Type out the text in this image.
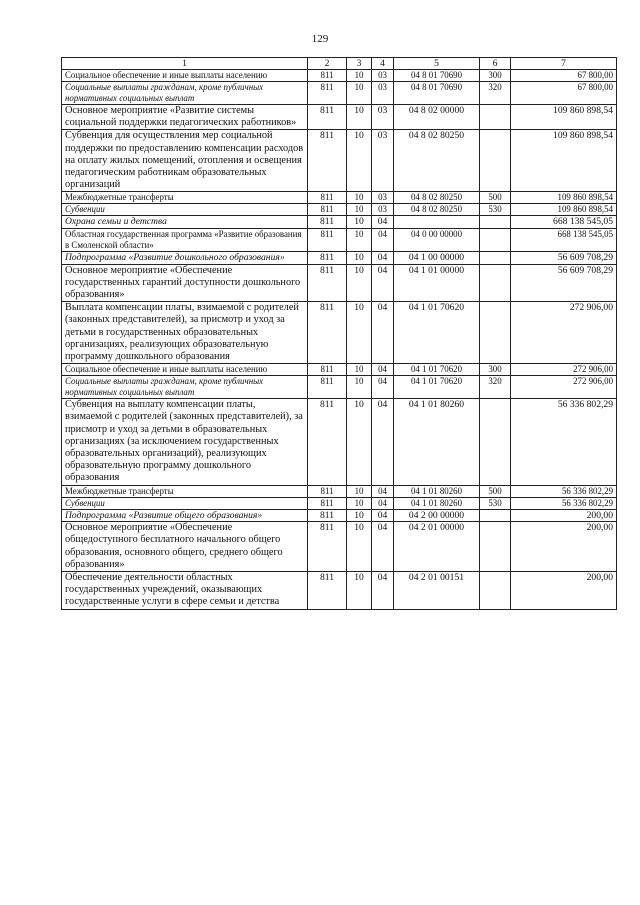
129
1	2	3	4	5	6	7
Социальное обеспечение и иные выплаты населению	811	10	03	04 8 01 70690	300	67 800,00
Социальные выплаты гражданам, кроме публичных нормативных социальных выплат	811	10	03	04 8 01 70690	320	67 800,00
Основное мероприятие «Развитие системы социальной поддержки педагогических работников»	811	10	03	04 8 02 00000		109 860 898,54
Субвенция для осуществления мер социальной поддержки по предоставлению компенсации расходов на оплату жилых помещений, отопления и освещения педагогическим работникам образовательных организаций	811	10	03	04 8 02 80250		109 860 898,54
Межбюджетные трансферты	811	10	03	04 8 02 80250	500	109 860 898,54
Субвенции	811	10	03	04 8 02 80250	530	109 860 898,54
Охрана семьи и детства	811	10	04			668 138 545,05
Областная государственная программа «Развитие образования в Смоленской области»	811	10	04	04 0 00 00000		668 138 545,05
Подпрограмма «Развитие дошкольного образования»	811	10	04	04 1 00 00000		56 609 708,29
Основное мероприятие «Обеспечение государственных гарантий доступности дошкольного образования»	811	10	04	04 1 01 00000		56 609 708,29
Выплата компенсации платы, взимаемой с родителей (законных представителей), за присмотр и уход за детьми в государственных образовательных организациях, реализующих образовательную программу дошкольного образования	811	10	04	04 1 01 70620		272 906,00
Социальное обеспечение и иные выплаты населению	811	10	04	04 1 01 70620	300	272 906,00
Социальные выплаты гражданам, кроме публичных нормативных социальных выплат	811	10	04	04 1 01 70620	320	272 906,00
Субвенция на выплату компенсации платы, взимаемой с родителей (законных представителей), за присмотр и уход за детьми в образовательных организациях (за исключением государственных образовательных организаций), реализующих образовательную программу дошкольного образования	811	10	04	04 1 01 80260		56 336 802,29
Межбюджетные трансферты	811	10	04	04 1 01 80260	500	56 336 802,29
Субвенции	811	10	04	04 1 01 80260	530	56 336 802,29
Подпрограмма «Развитие общего образования»	811	10	04	04 2 00 00000		200,00
Основное мероприятие «Обеспечение общедоступного бесплатного начального общего образования, основного общего, среднего общего образования»	811	10	04	04 2 01 00000		200,00
Обеспечение деятельности областных государственных учреждений, оказывающих государственные услуги в сфере семьи и детства	811	10	04	04 2 01 00151		200,00
